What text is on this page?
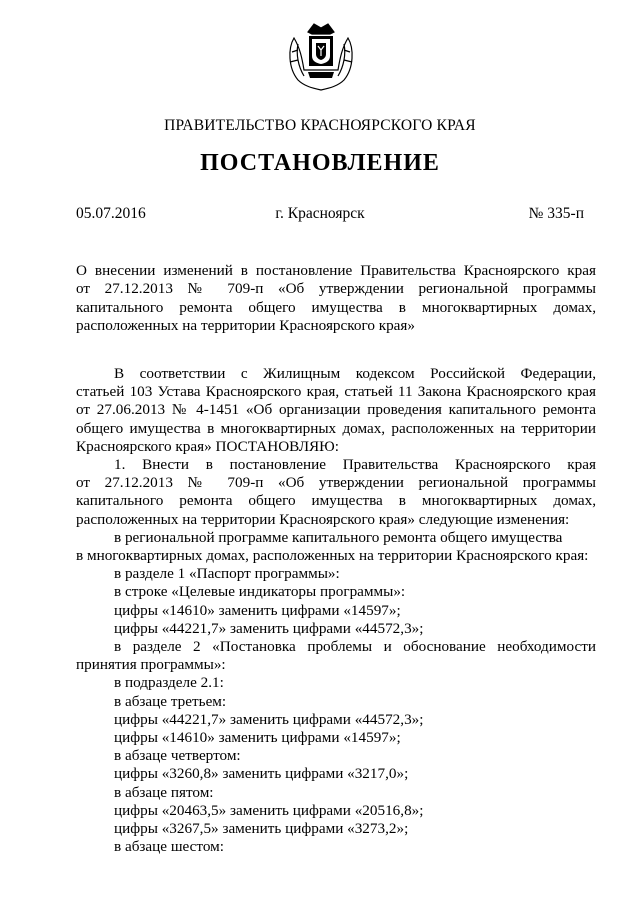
ПРАВИТЕЛЬСТВО КРАСНОЯРСКОГО КРАЯ
ПОСТАНОВЛЕНИЕ
05.07.2016	г. Красноярск	№ 335-п
О внесении изменений в постановление Правительства Красноярского края
от 27.12.2013 № 709-п «Об утверждении региональной программы
капитального ремонта общего имущества в многоквартирных домах,
расположенных на территории Красноярского края»
В соответствии с Жилищным кодексом Российской Федерации,
статьей 103 Устава Красноярского края, статьей 11 Закона Красноярского края
от 27.06.2013 № 4-1451 «Об организации проведения капитального ремонта
общего имущества в многоквартирных домах, расположенных на территории
Красноярского края» ПОСТАНОВЛЯЮ:
1. Внести в постановление Правительства Красноярского края
от 27.12.2013 № 709-п «Об утверждении региональной программы
капитального ремонта общего имущества в многоквартирных домах,
расположенных на территории Красноярского края» следующие изменения:
в региональной программе капитального ремонта общего имущества
в многоквартирных домах, расположенных на территории Красноярского края:
в разделе 1 «Паспорт программы»:
в строке «Целевые индикаторы программы»:
цифры «14610» заменить цифрами «14597»;
цифры «44221,7» заменить цифрами «44572,3»;
в разделе 2 «Постановка проблемы и обоснование необходимости
принятия программы»:
в подразделе 2.1:
в абзаце третьем:
цифры «44221,7» заменить цифрами «44572,3»;
цифры «14610» заменить цифрами «14597»;
в абзаце четвертом:
цифры «3260,8» заменить цифрами «3217,0»;
в абзаце пятом:
цифры «20463,5» заменить цифрами «20516,8»;
цифры «3267,5» заменить цифрами «3273,2»;
в абзаце шестом:
